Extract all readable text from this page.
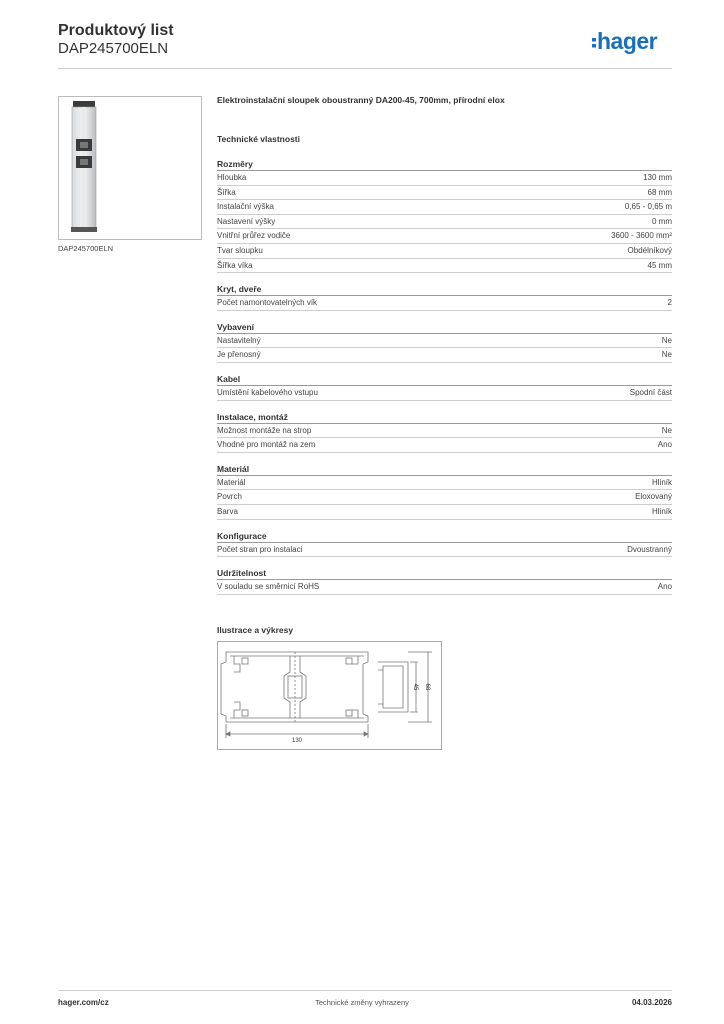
Produktový list
DAP245700ELN	hager
DAP245700ELN
Elektroinstalační sloupek oboustranný DA200-45, 700mm, přírodní elox
Technické vlastnosti
Rozměry
Hloubka	130 mm
Šířka	68 mm
Instalační výška	0,65 - 0,65 m
Nastavení výšky	0 mm
Vnitřní průřez vodiče	3600 - 3600 mm²
Tvar sloupku	Obdélníkový
Šířka víka	45 mm
Kryt, dveře
Počet namontovatelných vík	2
Vybavení
Nastavitelný	Ne
Je přenosný	Ne
Kabel
Umístění kabelového vstupu	Spodní část
Instalace, montáž
Možnost montáže na strop	Ne
Vhodné pro montáž na zem	Ano
Materiál
Materiál	Hliník
Povrch	Eloxovaný
Barva	Hliník
Konfigurace
Počet stran pro instalaci	Dvoustranný
Udržitelnost
V souladu se směrnicí RoHS	Ano
Ilustrace a výkresy
130
45 68
hager.com/cz	Technické změny vyhrazeny	04.03.2026
